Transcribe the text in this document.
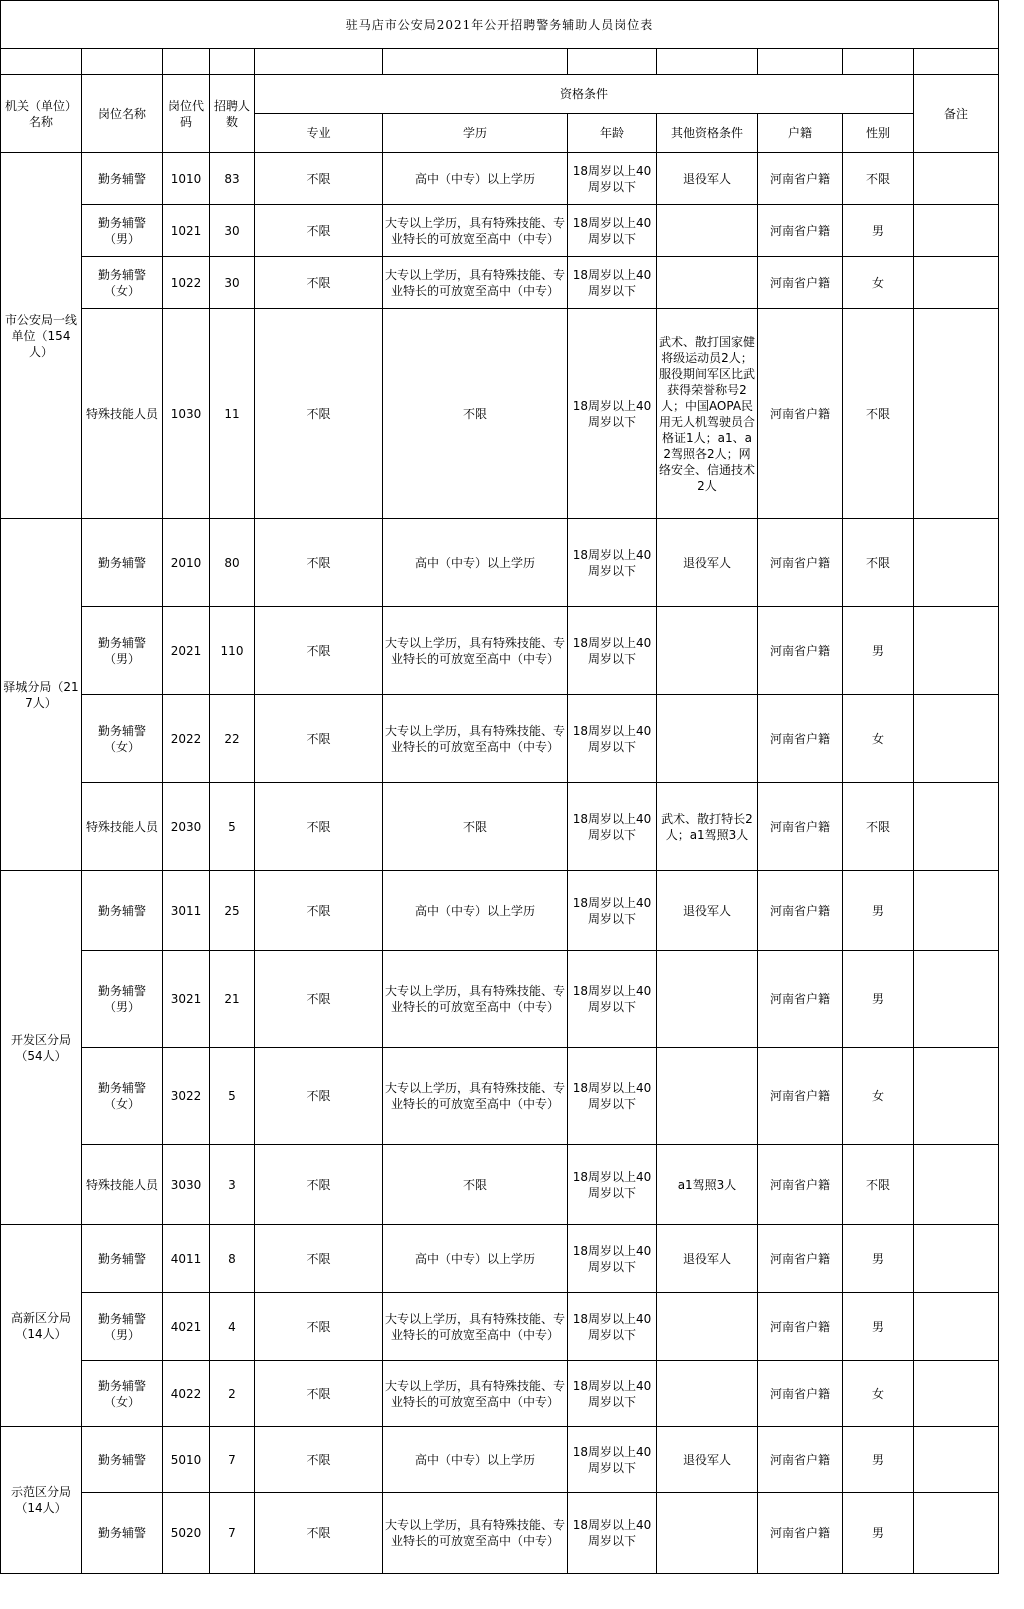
驻马店市公安局2021年公开招聘警务辅助人员岗位表										

机关（单位）名称	岗位名称	岗位代码	招聘人数	资格条件						备注
				专业	学历	年龄	其他资格条件	户籍	性别	
市公安局一线单位（154人）	勤务辅警	1010	83	不限	高中（中专）以上学历	18周岁以上40周岁以下	退役军人	河南省户籍	不限	
	勤务辅警（男）	1021	30	不限	大专以上学历，具有特殊技能、专业特长的可放宽至高中（中专）	18周岁以上40周岁以下		河南省户籍	男	
	勤务辅警（女）	1022	30	不限	大专以上学历，具有特殊技能、专业特长的可放宽至高中（中专）	18周岁以上40周岁以下		河南省户籍	女	
	特殊技能人员	1030	11	不限	不限	18周岁以上40周岁以下	武术、散打国家健将级运动员2人；服役期间军区比武获得荣誉称号2人；中国AOPA民用无人机驾驶员合格证1人；a1、a2驾照各2人；网络安全、信通技术2人	河南省户籍	不限	
驿城分局（217人）	勤务辅警	2010	80	不限	高中（中专）以上学历	18周岁以上40周岁以下	退役军人	河南省户籍	不限	
	勤务辅警（男）	2021	110	不限	大专以上学历，具有特殊技能、专业特长的可放宽至高中（中专）	18周岁以上40周岁以下		河南省户籍	男	
	勤务辅警（女）	2022	22	不限	大专以上学历，具有特殊技能、专业特长的可放宽至高中（中专）	18周岁以上40周岁以下		河南省户籍	女	
	特殊技能人员	2030	5	不限	不限	18周岁以上40周岁以下	武术、散打特长2人；a1驾照3人	河南省户籍	不限	
开发区分局（54人）	勤务辅警	3011	25	不限	高中（中专）以上学历	18周岁以上40周岁以下	退役军人	河南省户籍	男	
	勤务辅警（男）	3021	21	不限	大专以上学历，具有特殊技能、专业特长的可放宽至高中（中专）	18周岁以上40周岁以下		河南省户籍	男	
	勤务辅警（女）	3022	5	不限	大专以上学历，具有特殊技能、专业特长的可放宽至高中（中专）	18周岁以上40周岁以下		河南省户籍	女	
	特殊技能人员	3030	3	不限	不限	18周岁以上40周岁以下	a1驾照3人	河南省户籍	不限	
高新区分局（14人）	勤务辅警	4011	8	不限	高中（中专）以上学历	18周岁以上40周岁以下	退役军人	河南省户籍	男	
	勤务辅警（男）	4021	4	不限	大专以上学历，具有特殊技能、专业特长的可放宽至高中（中专）	18周岁以上40周岁以下		河南省户籍	男	
	勤务辅警（女）	4022	2	不限	大专以上学历，具有特殊技能、专业特长的可放宽至高中（中专）	18周岁以上40周岁以下		河南省户籍	女	
示范区分局（14人）	勤务辅警	5010	7	不限	高中（中专）以上学历	18周岁以上40周岁以下	退役军人	河南省户籍	男	
	勤务辅警	5020	7	不限	大专以上学历，具有特殊技能、专业特长的可放宽至高中（中专）	18周岁以上40周岁以下		河南省户籍	男	
